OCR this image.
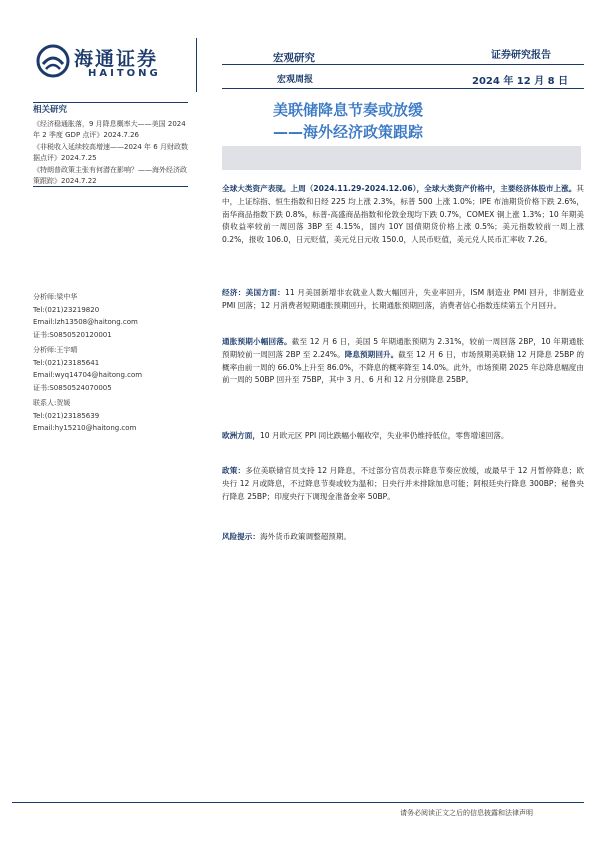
海通证券
HAITONG
宏观研究	证券研究报告
宏观周报	2024 年 12 月 8 日
美联储降息节奏或放缓
——海外经济政策跟踪
相关研究
《经济稳通胀落，9 月降息概率大——美国 2024 年 2 季度 GDP 点评》2024.7.26
《非税收入延续较高增速——2024 年 6 月财政数据点评》2024.7.25
《特朗普政策主张有何潜在影响？——海外经济政策跟踪》2024.7.22
分析师:梁中华
Tel:(021)23219820
Email:lzh13508@haitong.com
证书:S0850520120001
分析师:王宇晴
Tel:(021)23185641
Email:wyq14704@haitong.com
证书:S0850524070005
联系人:贺媛
Tel:(021)23185639
Email:hy15210@haitong.com
全球大类资产表现。上周（2024.11.29-2024.12.06），全球大类资产价格中，主要经济体股市上涨。其中，上证综指、恒生指数和日经 225 均上涨 2.3%，标普 500 上涨 1.0%；IPE 布油期货价格下跌 2.6%，南华商品指数下跌 0.8%，标普-高盛商品指数和伦敦金现均下跌 0.7%，COMEX 铜上涨 1.3%；10 年期美债收益率较前一周回落 3BP 至 4.15%，国内 10Y 国债期货价格上涨 0.5%；美元指数较前一周上涨 0.2%，报收 106.0，日元贬值，美元兑日元收 150.0，人民币贬值，美元兑人民币汇率收 7.26。
经济：美国方面：11 月美国新增非农就业人数大幅回升，失业率回升，ISM 制造业 PMI 回升，非制造业 PMI 回落；12 月消费者短期通胀预期回升，长期通胀预期回落，消费者信心指数连续第五个月回升。
通胀预期小幅回落。截至 12 月 6 日，美国 5 年期通胀预期为 2.31%，较前一周回落 2BP，10 年期通胀预期较前一周回落 2BP 至 2.24%。降息预期回升。截至 12 月 6 日，市场预期美联储 12 月降息 25BP 的概率由前一周的 66.0%上升至 86.0%，不降息的概率降至 14.0%。此外，市场预期 2025 年总降息幅度由前一周的 50BP 回升至 75BP，其中 3 月、6 月和 12 月分别降息 25BP。
欧洲方面，10 月欧元区 PPI 同比跌幅小幅收窄，失业率仍维持低位，零售增速回落。
政策：多位美联储官员支持 12 月降息，不过部分官员表示降息节奏应放缓，或最早于 12 月暂停降息；欧央行 12 月或降息，不过降息节奏或较为温和；日央行并未排除加息可能；阿根廷央行降息 300BP；秘鲁央行降息 25BP；印度央行下调现金准备金率 50BP。
风险提示：海外货币政策调整超预期。
请务必阅读正文之后的信息披露和法律声明
